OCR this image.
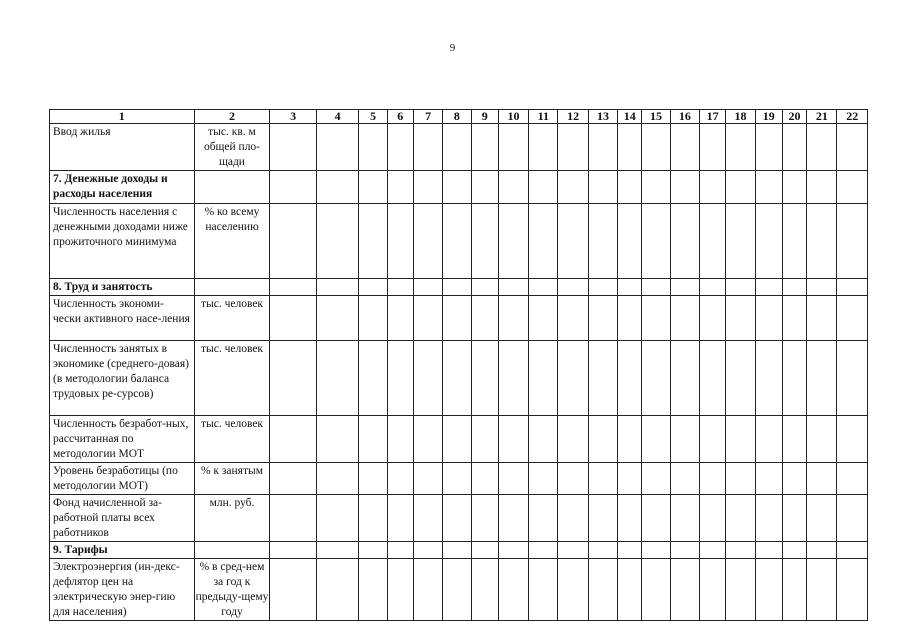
9
1	2	3	4	5	6	7	8	9	10	11	12	13	14	15	16	17	18	19	20	21	22
Ввод жилья	тыс. кв. м общей пло-щади																				
7. Денежные доходы и расходы населения																					
Численность населения с денежными доходами ниже прожиточного минимума	% ко всему населению																				
8. Труд и занятость																					
Численность экономи-чески активного насе-ления	тыс. человек																				
Численность занятых в экономике (среднего-довая) (в методологии баланса трудовых ре-сурсов)	тыс. человек																				
Численность безработ-ных, рассчитанная по методологии МОТ	тыс. человек																				
Уровень безработицы (по методологии МОТ)	% к занятым																				
Фонд начисленной за-работной платы всех работников	млн. руб.																				
9. Тарифы																					
Электроэнергия (ин-декс-дефлятор цен на электрическую энер-гию для населения)	% в сред-нем за год к предыду-щему году																				
